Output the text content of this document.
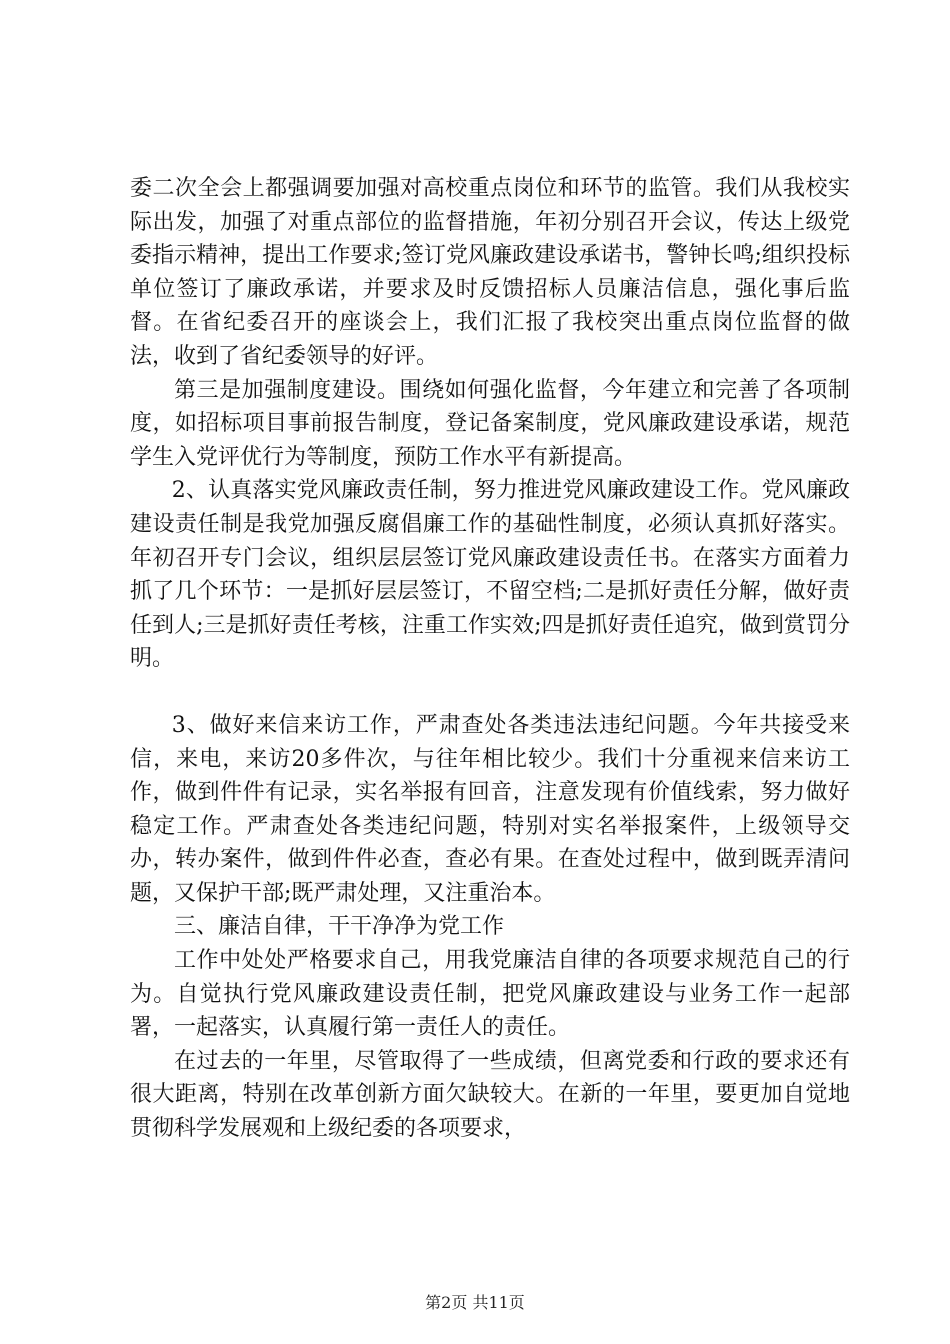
委二次全会上都强调要加强对高校重点岗位和环节的监管。我们从我校实际出发，加强了对重点部位的监督措施，年初分别召开会议，传达上级党委指示精神，提出工作要求;签订党风廉政建设承诺书，警钟长鸣;组织投标单位签订了廉政承诺，并要求及时反馈招标人员廉洁信息，强化事后监督。在省纪委召开的座谈会上，我们汇报了我校突出重点岗位监督的做法，收到了省纪委领导的好评。

第三是加强制度建设。围绕如何强化监督，今年建立和完善了各项制度，如招标项目事前报告制度，登记备案制度，党风廉政建设承诺，规范学生入党评优行为等制度，预防工作水平有新提高。

2、认真落实党风廉政责任制，努力推进党风廉政建设工作。党风廉政建设责任制是我党加强反腐倡廉工作的基础性制度，必须认真抓好落实。年初召开专门会议，组织层层签订党风廉政建设责任书。在落实方面着力抓了几个环节：一是抓好层层签订，不留空档;二是抓好责任分解，做好责任到人;三是抓好责任考核，注重工作实效;四是抓好责任追究，做到赏罚分明。

3、做好来信来访工作，严肃查处各类违法违纪问题。今年共接受来信，来电，来访20多件次，与往年相比较少。我们十分重视来信来访工作，做到件件有记录，实名举报有回音，注意发现有价值线索，努力做好稳定工作。严肃查处各类违纪问题，特别对实名举报案件，上级领导交办，转办案件，做到件件必查，查必有果。在查处过程中，做到既弄清问题，又保护干部;既严肃处理，又注重治本。

三、廉洁自律，干干净净为党工作

工作中处处严格要求自己，用我党廉洁自律的各项要求规范自己的行为。自觉执行党风廉政建设责任制，把党风廉政建设与业务工作一起部署，一起落实，认真履行第一责任人的责任。

在过去的一年里，尽管取得了一些成绩，但离党委和行政的要求还有很大距离，特别在改革创新方面欠缺较大。在新的一年里，要更加自觉地贯彻科学发展观和上级纪委的各项要求，

第2页 共11页
